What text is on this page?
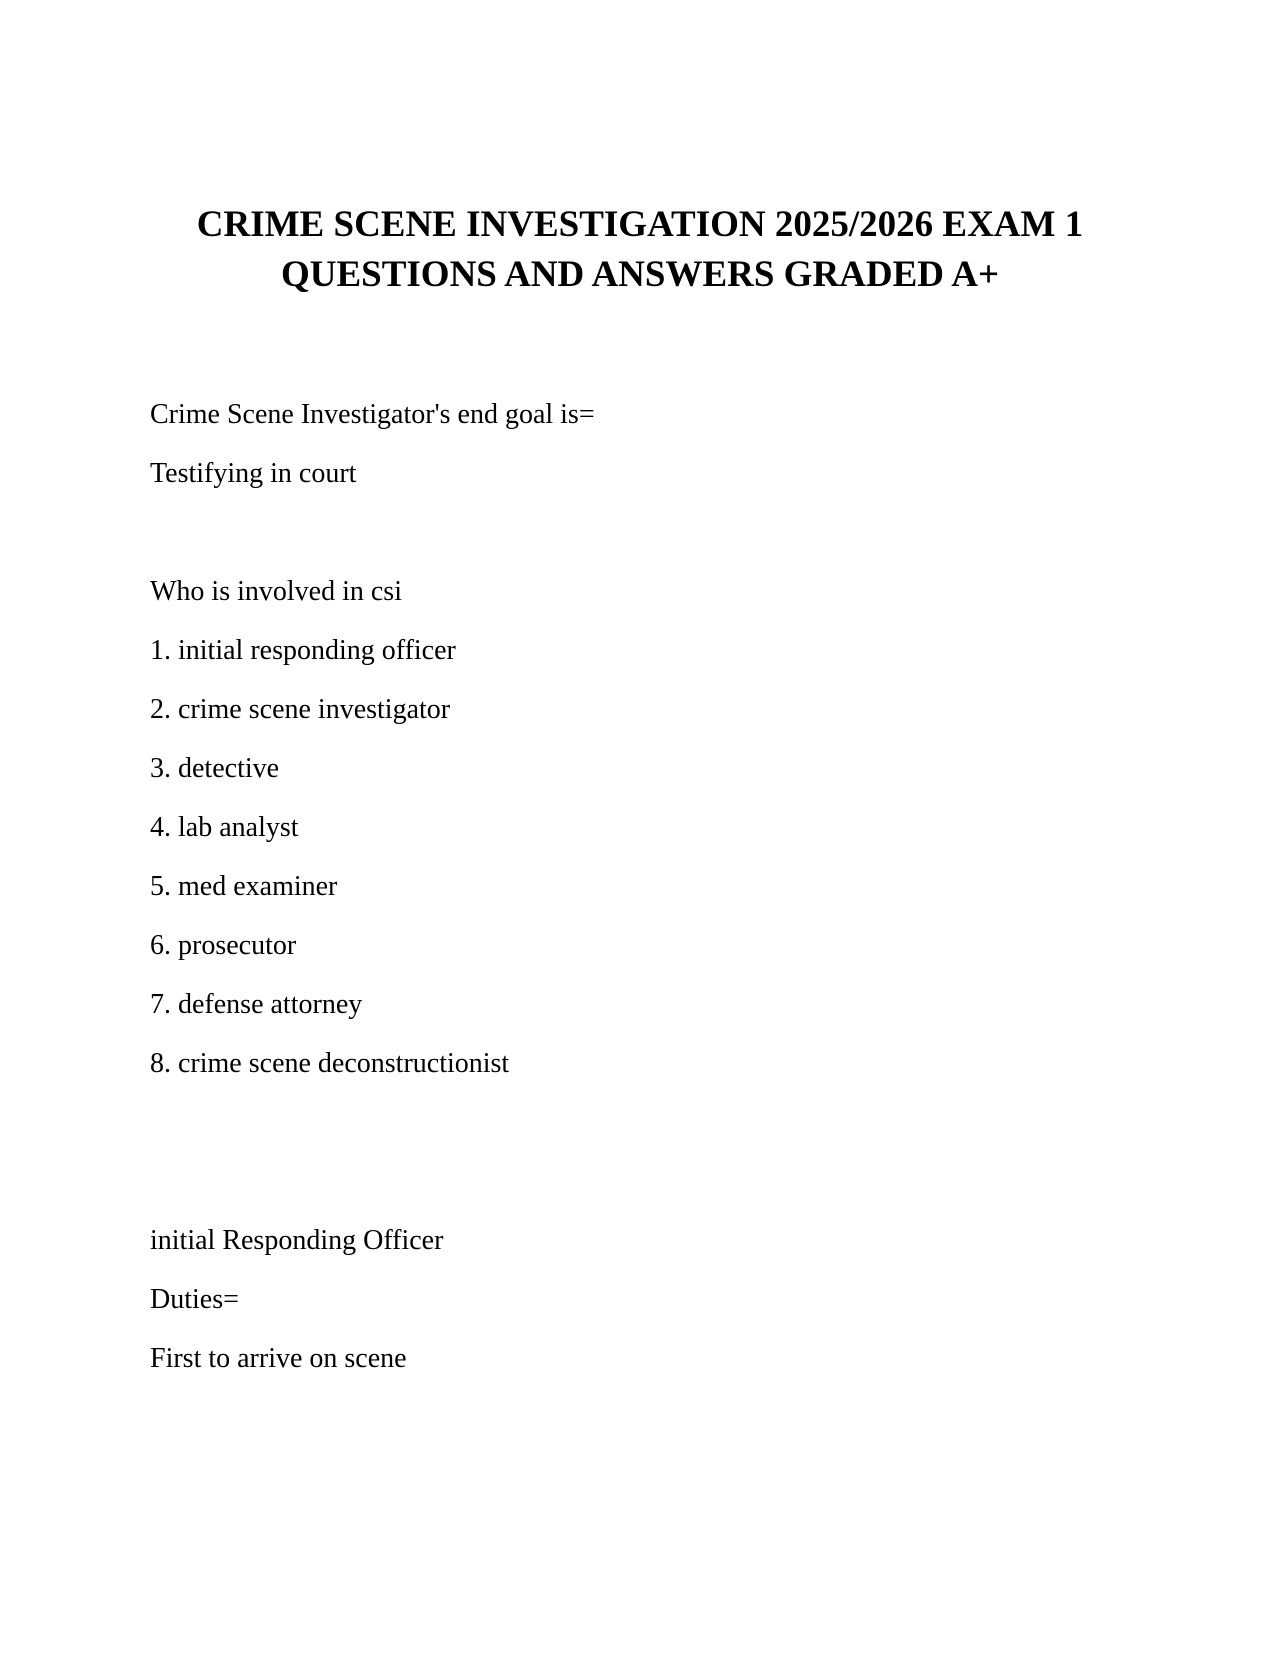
CRIME SCENE INVESTIGATION 2025/2026 EXAM 1
QUESTIONS AND ANSWERS GRADED A+

Crime Scene Investigator's end goal is=

Testifying in court

Who is involved in csi

1. initial responding officer

2. crime scene investigator

3. detective

4. lab analyst

5. med examiner

6. prosecutor

7. defense attorney

8. crime scene deconstructionist

initial Responding Officer

Duties=

First to arrive on scene
